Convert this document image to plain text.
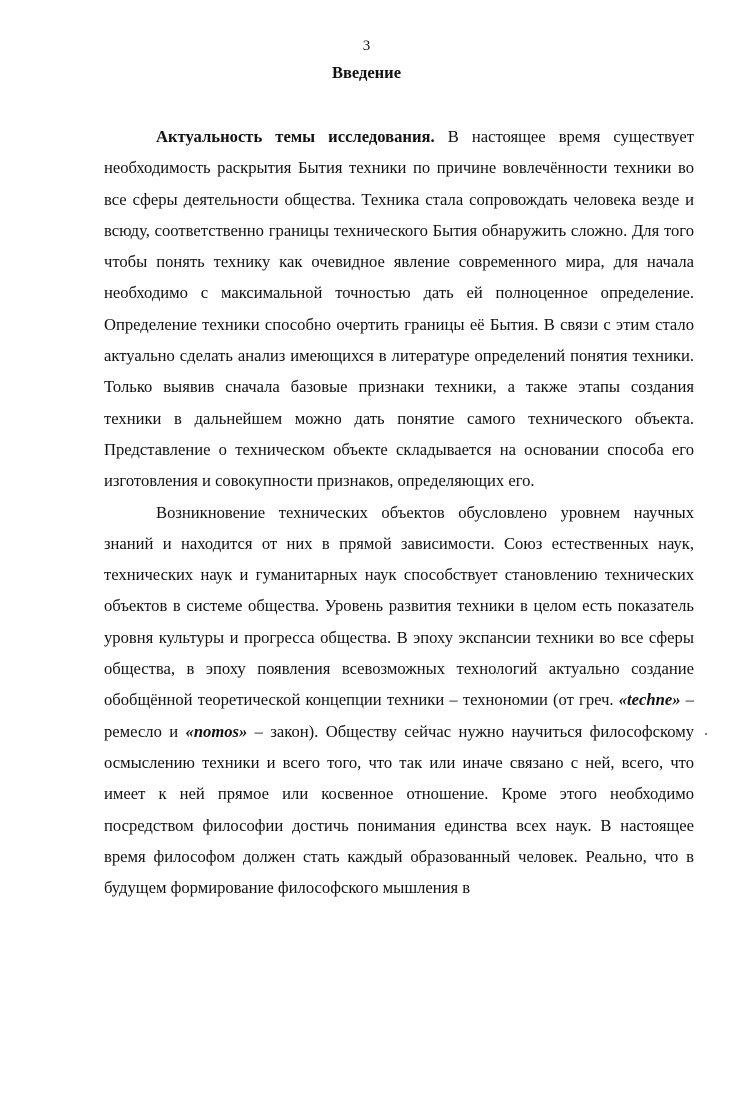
3
Введение

Актуальность темы исследования. В настоящее время существует необходимость раскрытия Бытия техники по причине вовлечённости техники во все сферы деятельности общества. Техника стала сопровождать человека везде и всюду, соответственно границы технического Бытия обнаружить сложно. Для того чтобы понять технику как очевидное явление современного мира, для начала необходимо с максимальной точностью дать ей полноценное определение. Определение техники способно очертить границы её Бытия. В связи с этим стало актуально сделать анализ имеющихся в литературе определений понятия техники. Только выявив сначала базовые признаки техники, а также этапы создания техники в дальнейшем можно дать понятие самого технического объекта. Представление о техническом объекте складывается на основании способа его изготовления и совокупности признаков, определяющих его.

Возникновение технических объектов обусловлено уровнем научных знаний и находится от них в прямой зависимости. Союз естественных наук, технических наук и гуманитарных наук способствует становлению технических объектов в системе общества. Уровень развития техники в целом есть показатель уровня культуры и прогресса общества. В эпоху экспансии техники во все сферы общества, в эпоху появления всевозможных технологий актуально создание обобщённой теоретической концепции техники – технономии (от греч. «techne» – ремесло и «nomos» – закон). Обществу сейчас нужно научиться философскому осмыслению техники и всего того, что так или иначе связано с ней, всего, что имеет к ней прямое или косвенное отношение. Кроме этого необходимо посредством философии достичь понимания единства всех наук. В настоящее время философом должен стать каждый образованный человек. Реально, что в будущем формирование философского мышления в
